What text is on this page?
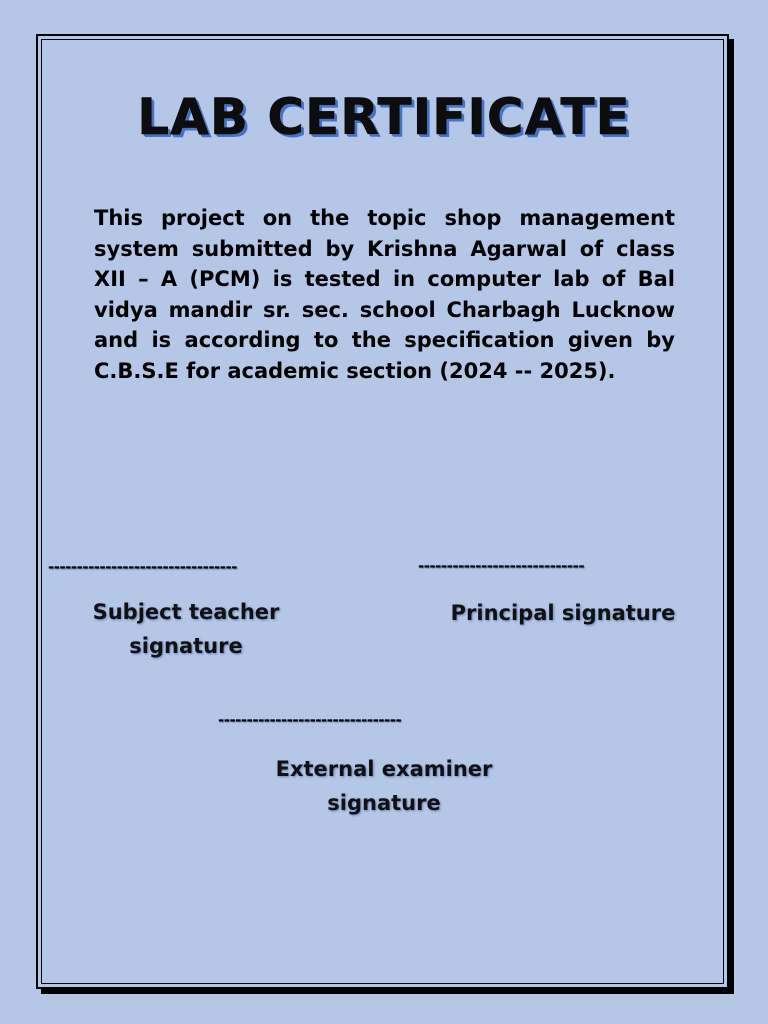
LAB CERTIFICATE

This project on the topic shop management system submitted by Krishna Agarwal of class XII – A (PCM) is tested in computer lab of Bal vidya mandir sr. sec. school Charbagh Lucknow and is according to the specification given by C.B.S.E for academic section (2024 -- 2025).

---------------------------------
Subject teacher signature
-----------------------------
Principal signature
--------------------------------
External examiner signature
